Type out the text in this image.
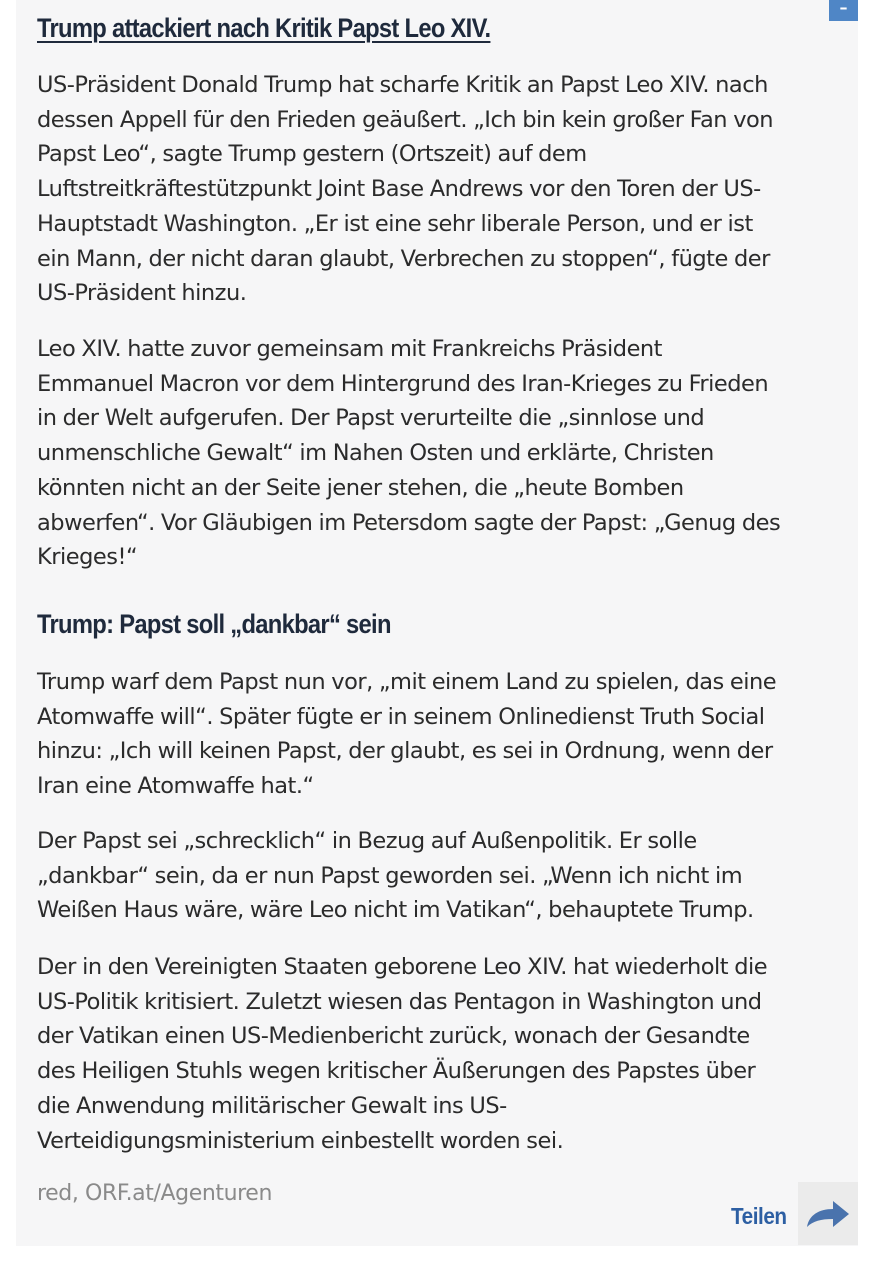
–
Trump attackiert nach Kritik Papst Leo XIV.

US-Präsident Donald Trump hat scharfe Kritik an Papst Leo XIV. nach
dessen Appell für den Frieden geäußert. „Ich bin kein großer Fan von
Papst Leo“, sagte Trump gestern (Ortszeit) auf dem
Luftstreitkräftestützpunkt Joint Base Andrews vor den Toren der US-
Hauptstadt Washington. „Er ist eine sehr liberale Person, und er ist
ein Mann, der nicht daran glaubt, Verbrechen zu stoppen“, fügte der
US-Präsident hinzu.

Leo XIV. hatte zuvor gemeinsam mit Frankreichs Präsident
Emmanuel Macron vor dem Hintergrund des Iran-Krieges zu Frieden
in der Welt aufgerufen. Der Papst verurteilte die „sinnlose und
unmenschliche Gewalt“ im Nahen Osten und erklärte, Christen
könnten nicht an der Seite jener stehen, die „heute Bomben
abwerfen“. Vor Gläubigen im Petersdom sagte der Papst: „Genug des
Krieges!“

Trump: Papst soll „dankbar“ sein

Trump warf dem Papst nun vor, „mit einem Land zu spielen, das eine
Atomwaffe will“. Später fügte er in seinem Onlinedienst Truth Social
hinzu: „Ich will keinen Papst, der glaubt, es sei in Ordnung, wenn der
Iran eine Atomwaffe hat.“

Der Papst sei „schrecklich“ in Bezug auf Außenpolitik. Er solle
„dankbar“ sein, da er nun Papst geworden sei. „Wenn ich nicht im
Weißen Haus wäre, wäre Leo nicht im Vatikan“, behauptete Trump.

Der in den Vereinigten Staaten geborene Leo XIV. hat wiederholt die
US-Politik kritisiert. Zuletzt wiesen das Pentagon in Washington und
der Vatikan einen US-Medienbericht zurück, wonach der Gesandte
des Heiligen Stuhls wegen kritischer Äußerungen des Papstes über
die Anwendung militärischer Gewalt ins US-
Verteidigungsministerium einbestellt worden sei.

red, ORF.at/Agenturen

Teilen
